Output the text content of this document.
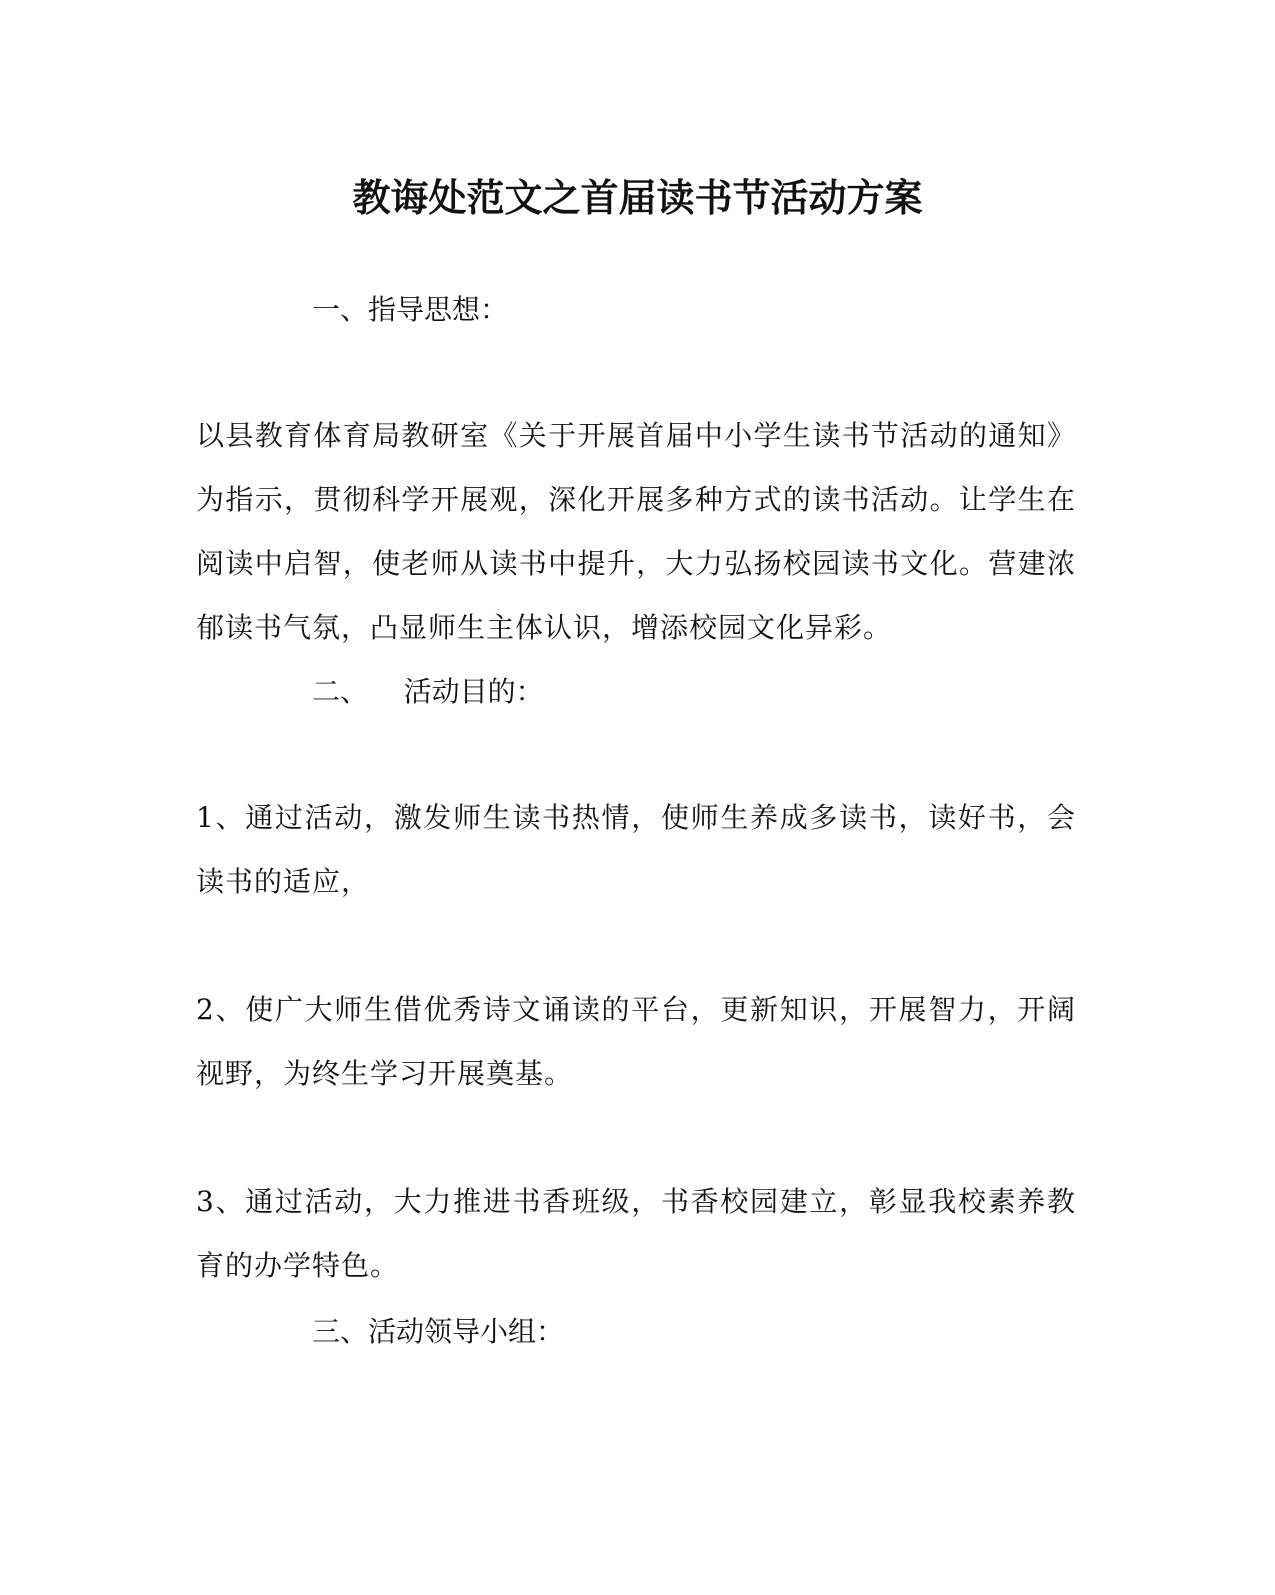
教诲处范文之首届读书节活动方案
一、指导思想：
以县教育体育局教研室《关于开展首届中小学生读书节活动的通知》为指示，贯彻科学开展观，深化开展多种方式的读书活动。让学生在阅读中启智，使老师从读书中提升，大力弘扬校园读书文化。营建浓郁读书气氛，凸显师生主体认识，增添校园文化异彩。
二、    活动目的：
1、通过活动，激发师生读书热情，使师生养成多读书，读好书，会读书的适应，
2、使广大师生借优秀诗文诵读的平台，更新知识，开展智力，开阔视野，为终生学习开展奠基。
3、通过活动，大力推进书香班级，书香校园建立，彰显我校素养教育的办学特色。
三、活动领导小组：
